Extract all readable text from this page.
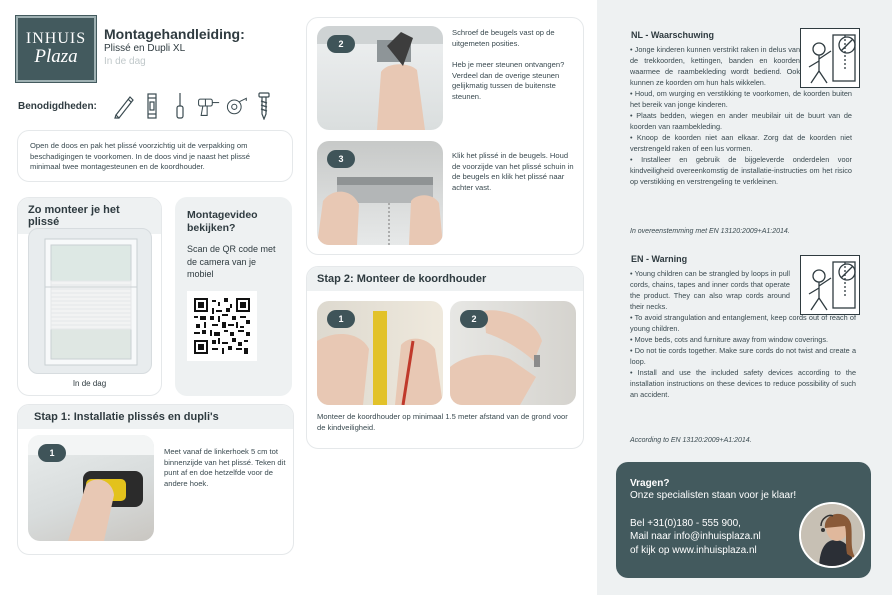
INHUIS
Plaza
Montagehandleiding:
Plissé en Dupli XL
In de dag
Benodigdheden:
Open de doos en pak het plissé voorzichtig uit de verpakking om beschadigingen te voorkomen. In de doos vind je naast het plissé minimaal twee montagesteunen en de koordhouder.
Zo monteer je het plissé
In de dag
Montagevideo bekijken?
Scan de QR code met de camera van je mobiel
Stap 1: Installatie plissés en dupli's
1	Meet vanaf de linkerhoek 5 cm tot binnenzijde van het plissé. Teken dit punt af en doe hetzelfde voor de andere hoek.
2
Schroef de beugels vast op de uitgemeten posities.
Heb je meer steunen ontvangen? Verdeel dan de overige steunen gelijkmatig tussen de buitenste steunen.
3	Klik het plissé in de beugels. Houd de voorzijde van het plissé schuin in de beugels en klik het plissé naar achter vast.
Stap 2: Monteer de koordhouder
1	2
Monteer de koordhouder op minimaal 1.5 meter afstand van de grond voor de kindveiligheid.
NL - Waarschuwing
• Jonge kinderen kunnen verstrikt raken in delus van de trekkoorden, kettingen, banden en koorden waarmee de raambekleding wordt bediend. Ook kunnen ze koorden om hun hals wikkelen.
• Houd, om wurging en verstikking te voorkomen, de koorden buiten het bereik van jonge kinderen.
• Plaats bedden, wiegen en ander meubilair uit de buurt van de koorden van raambekleding.
• Knoop de koorden niet aan elkaar. Zorg dat de koorden niet verstrengeld raken of een lus vormen.
• Installeer en gebruik de bijgeleverde onderdelen voor kindveiligheid overeenkomstig de installatie-instructies om het risico op verstikking en verstrengeling te verkleinen.
In overeenstemming met EN 13120:2009+A1:2014.
EN - Warning
• Young children can be strangled by loops in pull cords, chains, tapes and inner cords that operate the product. They can also wrap cords around their necks.
• To avoid strangulation and entanglement, keep cords out of reach of young children.
• Move beds, cots and furniture away from window coverings.
• Do not tie cords together. Make sure cords do not twist and create a loop.
• Install and use the included safety devices according to the installation instructions on these devices to reduce possibility of such an accident.
According to EN 13120:2009+A1:2014.
Vragen?
Onze specialisten staan voor je klaar!
Bel +31(0)180 - 555 900,
Mail naar info@inhuisplaza.nl
of kijk op www.inhuisplaza.nl
